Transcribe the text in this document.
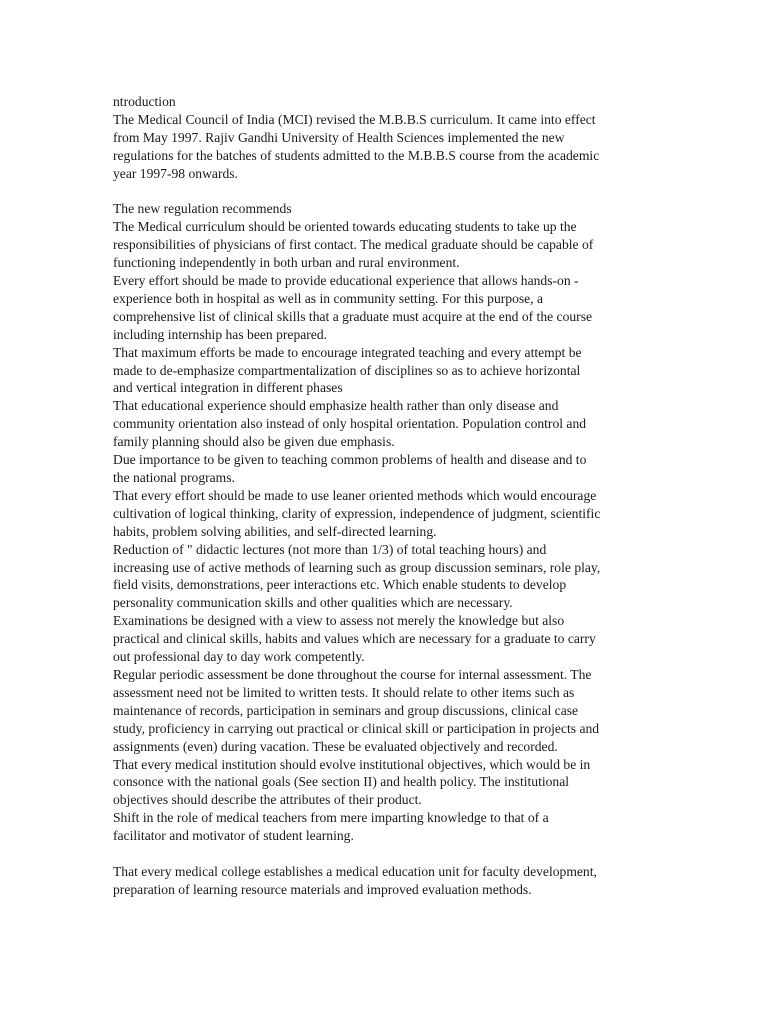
ntroduction

The Medical Council of India (MCI) revised the M.B.B.S curriculum. It came into effect

from May 1997. Rajiv Gandhi University of Health Sciences implemented the new

regulations for the batches of students admitted to the M.B.B.S course from the academic

year 1997-98 onwards.

The new regulation recommends

The Medical curriculum should be oriented towards educating students to take up the

responsibilities of physicians of first contact. The medical graduate should be capable of

functioning independently in both urban and rural environment.

Every effort should be made to provide educational experience that allows hands-on -

experience both in hospital as well as in community setting. For this purpose, a

comprehensive list of clinical skills that a graduate must acquire at the end of the course

including internship has been prepared.

That maximum efforts be made to encourage integrated teaching and every attempt be

made to de-emphasize compartmentalization of disciplines so as to achieve horizontal

and vertical integration in different phases

That educational experience should emphasize health rather than only disease and

community orientation also instead of only hospital orientation. Population control and

family planning should also be given due emphasis.

Due importance to be given to teaching common problems of health and disease and to

the national programs.

That every effort should be made to use leaner oriented methods which would encourage

cultivation of logical thinking, clarity of expression, independence of judgment, scientific

habits, problem solving abilities, and self-directed learning.

Reduction of " didactic lectures (not more than 1/3) of total teaching hours) and

increasing use of active methods of learning such as group discussion seminars, role play,

field visits, demonstrations, peer interactions etc. Which enable students to develop

personality communication skills and other qualities which are necessary.

Examinations be designed with a view to assess not merely the knowledge but also

practical and clinical skills, habits and values which are necessary for a graduate to carry

out professional day to day work competently.

Regular periodic assessment be done throughout the course for internal assessment. The

assessment need not be limited to written tests. It should relate to other items such as

maintenance of records, participation in seminars and group discussions, clinical case

study, proficiency in carrying out practical or clinical skill or participation in projects and

assignments (even) during vacation. These be evaluated objectively and recorded.

That every medical institution should evolve institutional objectives, which would be in

consonce with the national goals (See section II) and health policy. The institutional

objectives should describe the attributes of their product.

Shift in the role of medical teachers from mere imparting knowledge to that of a

facilitator and motivator of student learning.

That every medical college establishes a medical education unit for faculty development,

preparation of learning resource materials and improved evaluation methods.
